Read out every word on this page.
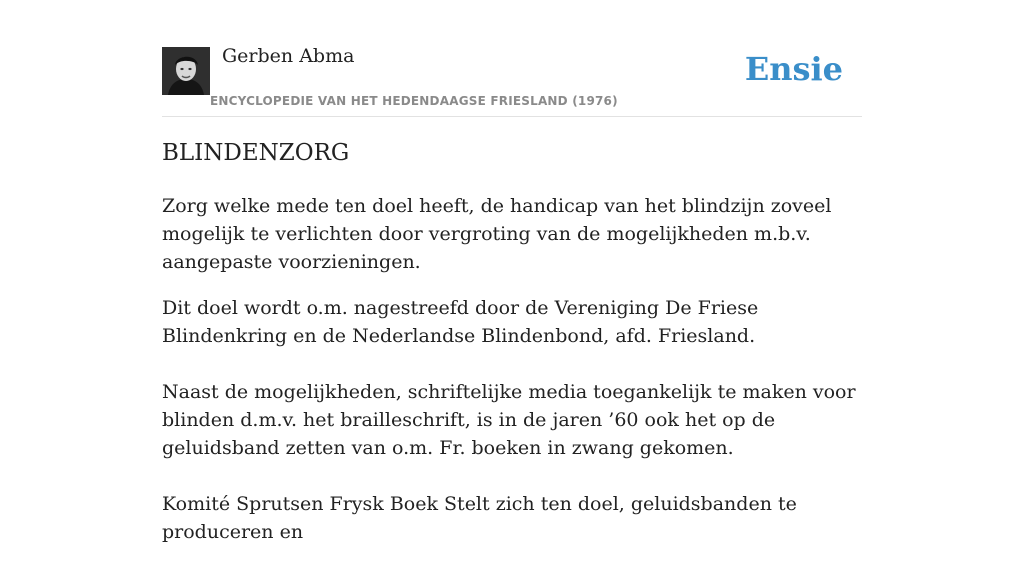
Gerben Abma
ENCYCLOPEDIE VAN HET HEDENDAAGSE FRIESLAND (1976)
Ensie
BLINDENZORG

Zorg welke mede ten doel heeft, de handicap van het blindzijn zoveel mogelijk te verlichten door vergroting van de mogelijkheden m.b.v. aangepaste voorzieningen.

Dit doel wordt o.m. nagestreefd door de Vereniging De Friese Blindenkring en de Nederlandse Blindenbond, afd. Friesland.

Naast de mogelijkheden, schriftelijke media toegankelijk te maken voor blinden d.m.v. het brailleschrift, is in de jaren ’60 ook het op de geluidsband zetten van o.m. Fr. boeken in zwang gekomen.

Komité Sprutsen Frysk Boek Stelt zich ten doel, geluidsbanden te produceren en
